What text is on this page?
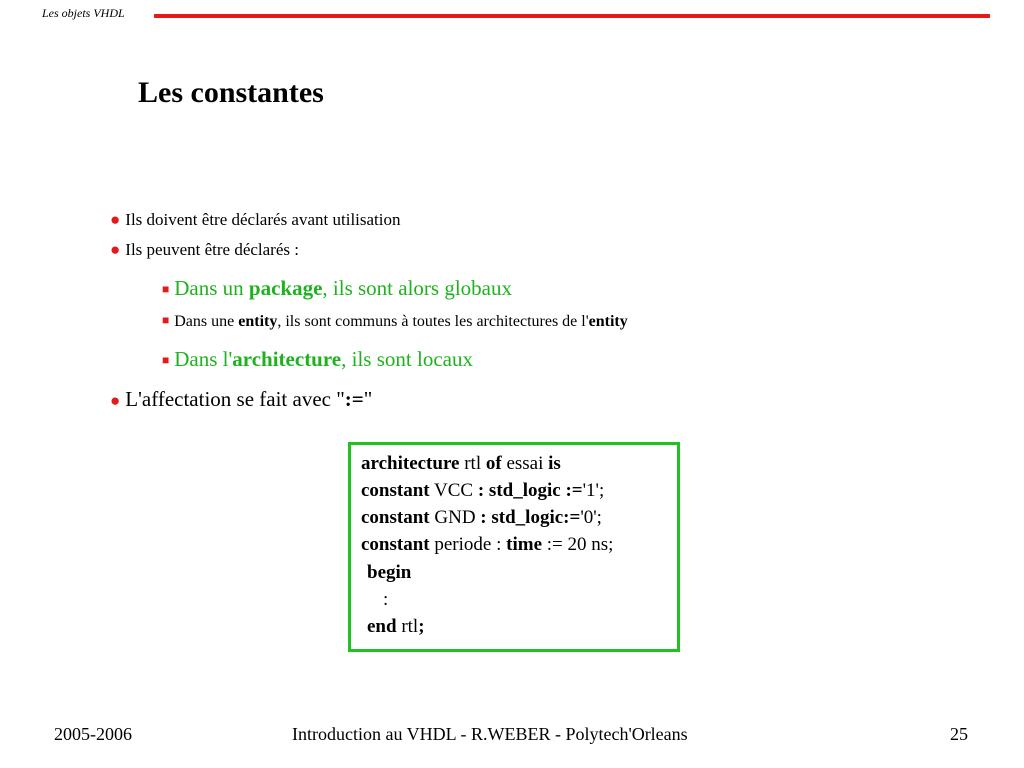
Les objets VHDL
Les constantes
● Ils doivent être déclarés avant utilisation
● Ils peuvent être déclarés :
■ Dans un package, ils sont alors globaux
■ Dans une entity, ils sont communs à toutes les architectures de l'entity
■ Dans l'architecture, ils sont locaux
● L'affectation se fait avec ":="
architecture rtl of essai is
constant VCC : std_logic :='1';
constant GND : std_logic:='0';
constant periode : time := 20 ns;
begin
:
end rtl;
2005-2006	Introduction au VHDL - R.WEBER - Polytech'Orleans	25
